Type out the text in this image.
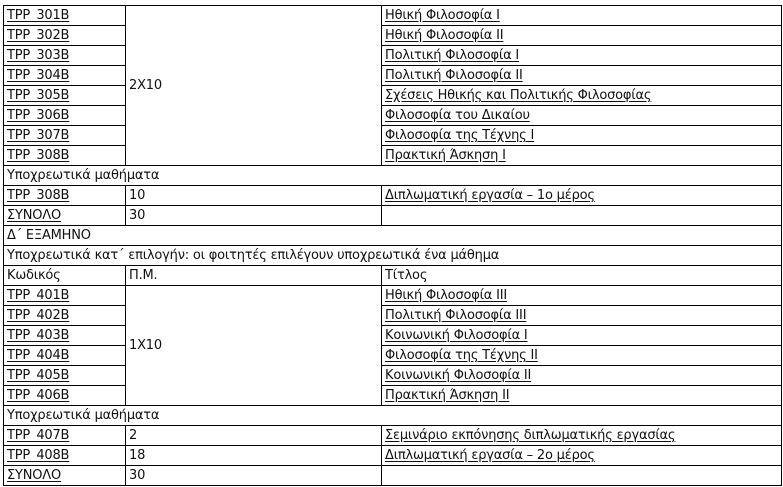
TPP_301B	2Χ10	Ηθική Φιλοσοφία Ι
TPP_302B		Ηθική Φιλοσοφία ΙΙ
TPP_303B		Πολιτική Φιλοσοφία Ι
TPP_304B		Πολιτική Φιλοσοφία ΙΙ
TPP_305B		Σχέσεις Ηθικής και Πολιτικής Φιλοσοφίας
TPP_306B		Φιλοσοφία του Δικαίου
TPP_307B		Φιλοσοφία της Τέχνης Ι
TPP_308B		Πρακτική Άσκηση Ι
Υποχρεωτικά μαθήματα		
TPP_308B	10	Διπλωματική εργασία – 1ο μέρος
ΣΥΝΟΛΟ	30	
Δ΄ ΕΞΑΜΗΝΟ		
Υποχρεωτικά κατ΄ επιλογήν: οι φοιτητές επιλέγουν υποχρεωτικά ένα μάθημα		
Κωδικός	Π.Μ.	Τίτλος
TPP_401B	1Χ10	Ηθική Φιλοσοφία ΙΙΙ
TPP_402B		Πολιτική Φιλοσοφία ΙΙΙ
TPP_403B		Κοινωνική Φιλοσοφία Ι
TPP_404B		Φιλοσοφία της Τέχνης ΙΙ
TPP_405B		Κοινωνική Φιλοσοφία ΙΙ
TPP_406B		Πρακτική Άσκηση ΙΙ
Υποχρεωτικά μαθήματα		
TPP_407B	2	Σεμινάριο εκπόνησης διπλωματικής εργασίας
TPP_408B	18	Διπλωματική εργασία – 2ο μέρος
ΣΥΝΟΛΟ	30	
